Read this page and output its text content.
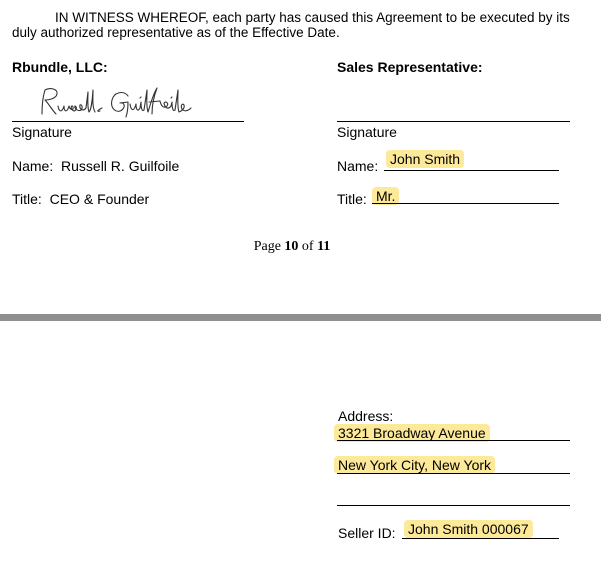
IN WITNESS WHEREOF, each party has caused this Agreement to be executed by its duly authorized representative as of the Effective Date.
Rbundle, LLC:
Signature
Name: Russell R. Guilfoile
Title: CEO & Founder
Sales Representative:
Signature
Name: John Smith
Title: Mr.
Page 10 of 11
Address:
3321 Broadway Avenue
New York City, New York
Seller ID: John Smith 000067
